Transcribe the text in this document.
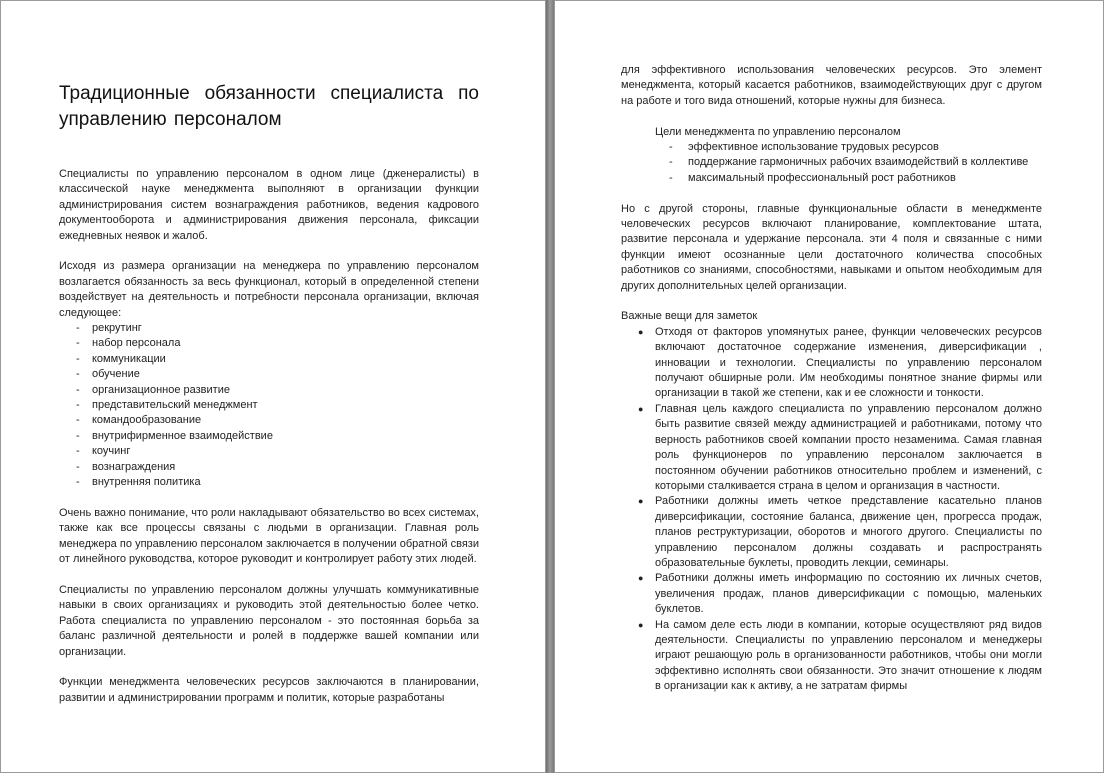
Традиционные обязанности специалиста по управлению персоналом

Специалисты по управлению персоналом в одном лице (дженералисты) в классической науке менеджмента выполняют в организации функции администрирования систем вознаграждения работников, ведения кадрового документооборота и администрирования движения персонала, фиксации ежедневных неявок и жалоб.

Исходя из размера организации на менеджера по управлению персоналом возлагается обязанность за весь функционал, который в определенной степени воздействует на деятельность и потребности персонала организации, включая следующее:

- рекрутинг
- набор персонала
- коммуникации
- обучение
- организационное развитие
- представительский менеджмент
- командообразование
- внутрифирменное взаимодействие
- коучинг
- вознаграждения
- внутренняя политика

Очень важно понимание, что роли накладывают обязательство во всех системах, также как все процессы связаны с людьми в организации. Главная роль менеджера по управлению персоналом заключается в получении обратной связи от линейного руководства, которое руководит и контролирует работу этих людей.

Специалисты по управлению персоналом должны улучшать коммуникативные навыки в своих организациях и руководить этой деятельностью более четко. Работа специалиста по управлению персоналом - это постоянная борьба за баланс различной деятельности и ролей в поддержке вашей компании или организации.

Функции менеджмента человеческих ресурсов заключаются в планировании, развитии и администрировании программ и политик, которые разработаны

для эффективного использования человеческих ресурсов. Это элемент менеджмента, который касается работников, взаимодействующих друг с другом на работе и того вида отношений, которые нужны для бизнеса.

Цели менеджмента по управлению персоналом
- эффективное использование трудовых ресурсов
- поддержание гармоничных рабочих взаимодействий в коллективе
- максимальный профессиональный рост работников

Но с другой стороны, главные функциональные области в менеджменте человеческих ресурсов включают планирование, комплектование штата, развитие персонала и удержание персонала. эти 4 поля и связанные с ними функции имеют осознанные цели достаточного количества способных работников со знаниями, способностями, навыками и опытом необходимым для других дополнительных целей организации.

Важные вещи для заметок
● Отходя от факторов упомянутых ранее, функции человеческих ресурсов включают достаточное содержание изменения, диверсификации , инновации и технологии. Специалисты по управлению персоналом получают обширные роли. Им необходимы понятное знание фирмы или организации в такой же степени, как и ее сложности и тонкости.
● Главная цель каждого специалиста по управлению персоналом должно быть развитие связей между администрацией и работниками, потому что верность работников своей компании просто незаменима. Самая главная роль функционеров по управлению персоналом заключается в постоянном обучении работников относительно проблем и изменений, с которыми сталкивается страна в целом и организация в частности.
● Работники должны иметь четкое представление касательно планов диверсификации, состояние баланса, движение цен, прогресса продаж, планов реструктуризации, оборотов и многого другого. Специалисты по управлению персоналом должны создавать и распространять образовательные буклеты, проводить лекции, семинары.
● Работники должны иметь информацию по состоянию их личных счетов, увеличения продаж, планов диверсификации с помощью, маленьких буклетов.
● На самом деле есть люди в компании, которые осуществляют ряд видов деятельности. Специалисты по управлению персоналом и менеджеры играют решающую роль в организованности работников, чтобы они могли эффективно исполнять свои обязанности. Это значит отношение к людям в организации как к активу, а не затратам фирмы
